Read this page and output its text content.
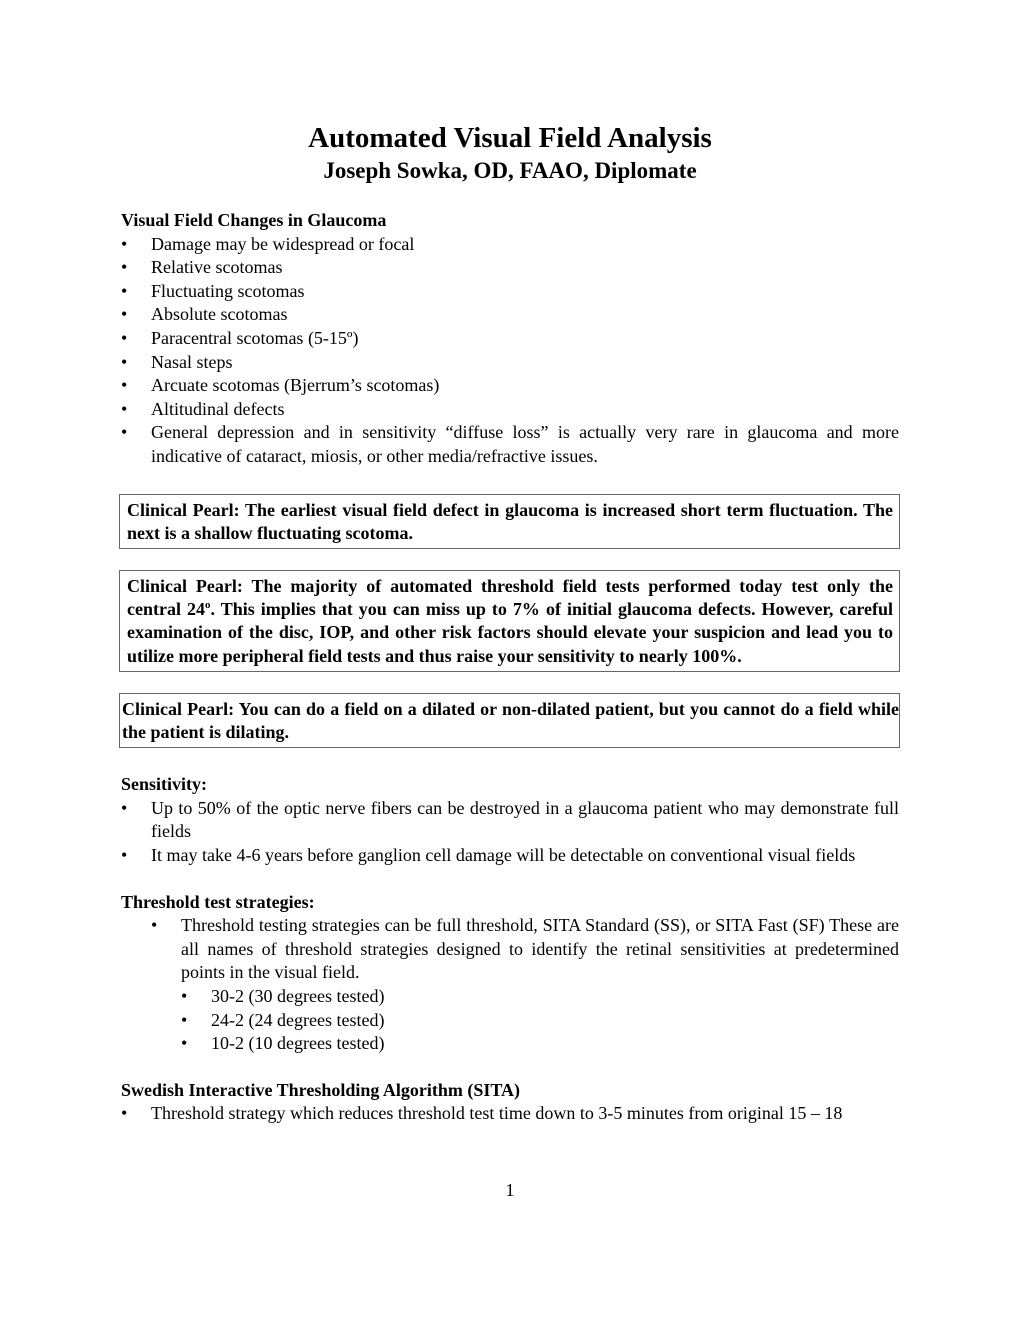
Automated Visual Field Analysis
Joseph Sowka, OD, FAAO, Diplomate

Visual Field Changes in Glaucoma

•	Damage may be widespread or focal
•	Relative scotomas
•	Fluctuating scotomas
•	Absolute scotomas
•	Paracentral scotomas (5-15º)
•	Nasal steps
•	Arcuate scotomas (Bjerrum’s scotomas)
•	Altitudinal defects
•	General depression and in sensitivity “diffuse loss” is actually very rare in glaucoma and more indicative of cataract, miosis, or other media/refractive issues.
Clinical Pearl: The earliest visual field defect in glaucoma is increased short term fluctuation. The next is a shallow fluctuating scotoma.
Clinical Pearl: The majority of automated threshold field tests performed today test only the central 24$^o$. This implies that you can miss up to 7% of initial glaucoma defects. However, careful examination of the disc, IOP, and other risk factors should elevate your suspicion and lead you to utilize more peripheral field tests and thus raise your sensitivity to nearly 100%.
Clinical Pearl: You can do a field on a dilated or non-dilated patient, but you cannot do a field while the patient is dilating.

Sensitivity:

•	Up to 50% of the optic nerve fibers can be destroyed in a glaucoma patient who may demonstrate full fields
•	It may take 4-6 years before ganglion cell damage will be detectable on conventional visual fields

Threshold test strategies:

•	Threshold testing strategies can be full threshold, SITA Standard (SS), or SITA Fast (SF) These are all names of threshold strategies designed to identify the retinal sensitivities at predetermined points in the visual field.
•	30-2 (30 degrees tested)
•	24-2 (24 degrees tested)
•	10-2 (10 degrees tested)

Swedish Interactive Thresholding Algorithm (SITA)

•	Threshold strategy which reduces threshold test time down to 3-5 minutes from original 15 – 18
1
